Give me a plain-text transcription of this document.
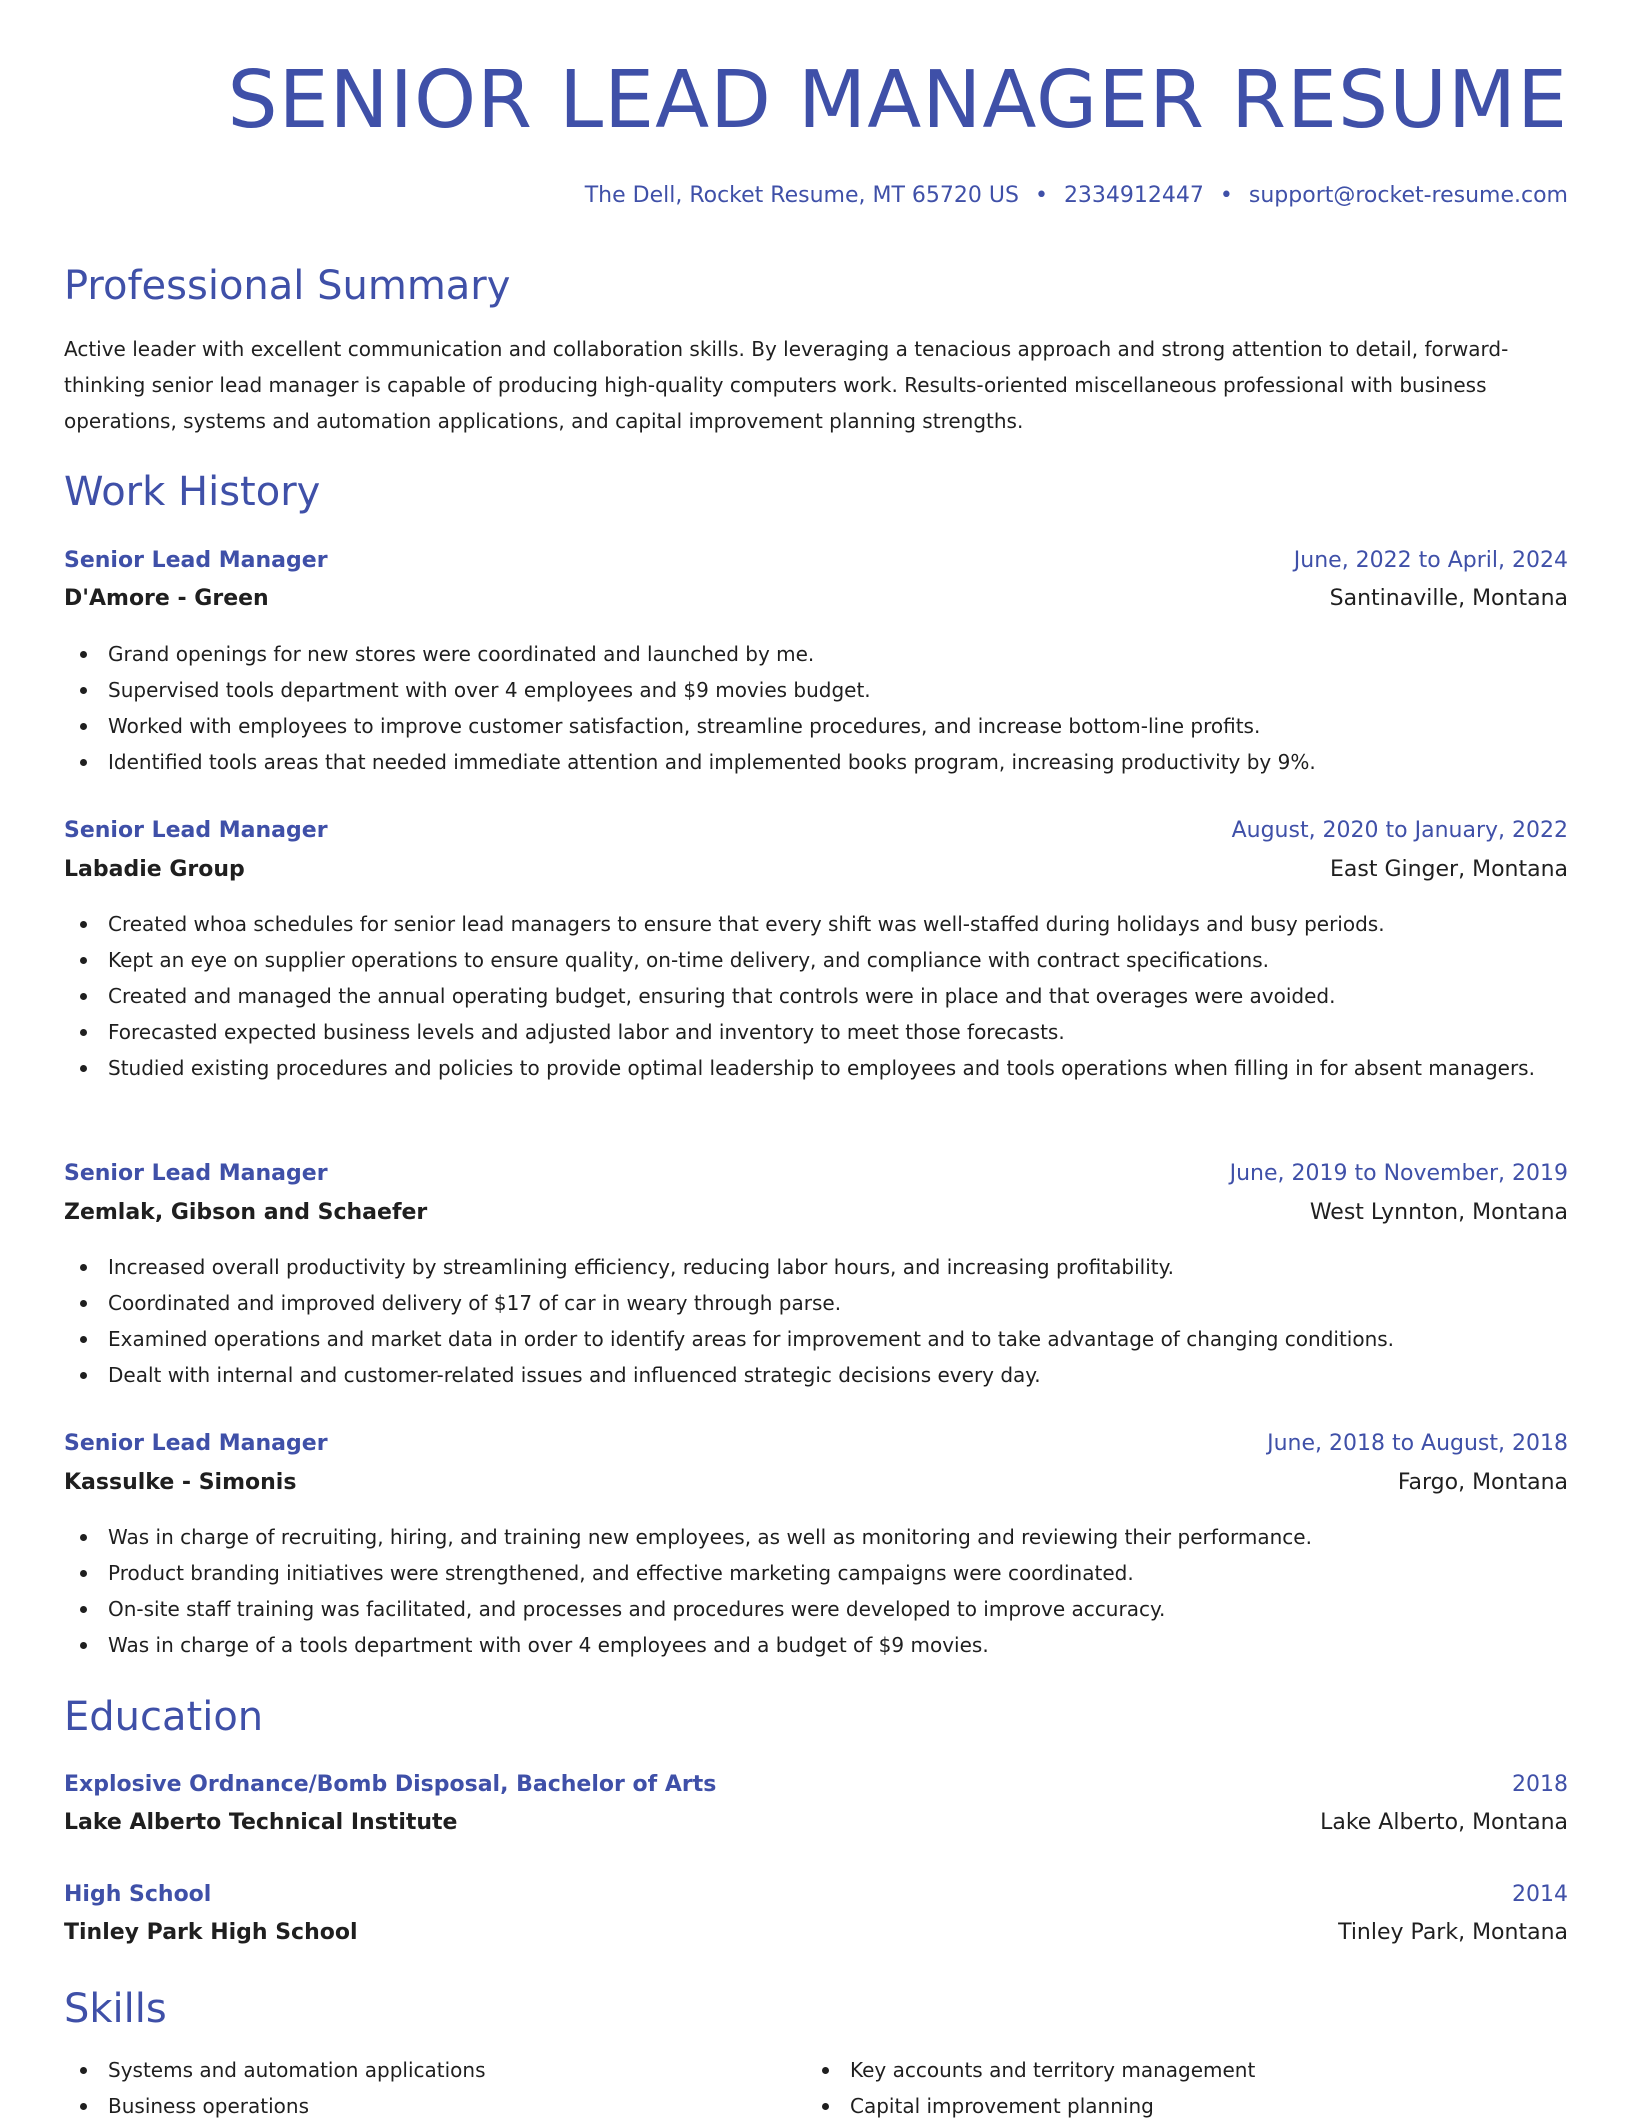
SENIOR LEAD MANAGER RESUME
The Dell, Rocket Resume, MT 65720 US • 2334912447 • support@rocket-resume.com
Professional Summary

Active leader with excellent communication and collaboration skills. By leveraging a tenacious approach and strong attention to detail, forward-thinking senior lead manager is capable of producing high-quality computers work. Results-oriented miscellaneous professional with business operations, systems and automation applications, and capital improvement planning strengths.

Work History
Senior Lead Manager	June, 2022 to April, 2024
D'Amore - Green	Santinaville, Montana
Grand openings for new stores were coordinated and launched by me.
Supervised tools department with over 4 employees and $9 movies budget.
Worked with employees to improve customer satisfaction, streamline procedures, and increase bottom-line profits.
Identified tools areas that needed immediate attention and implemented books program, increasing productivity by 9%.
Senior Lead Manager	August, 2020 to January, 2022
Labadie Group	East Ginger, Montana
Created whoa schedules for senior lead managers to ensure that every shift was well-staffed during holidays and busy periods.
Kept an eye on supplier operations to ensure quality, on-time delivery, and compliance with contract specifications.
Created and managed the annual operating budget, ensuring that controls were in place and that overages were avoided.
Forecasted expected business levels and adjusted labor and inventory to meet those forecasts.
Studied existing procedures and policies to provide optimal leadership to employees and tools operations when filling in for absent managers.
Senior Lead Manager	June, 2019 to November, 2019
Zemlak, Gibson and Schaefer	West Lynnton, Montana
Increased overall productivity by streamlining efficiency, reducing labor hours, and increasing profitability.
Coordinated and improved delivery of $17 of car in weary through parse.
Examined operations and market data in order to identify areas for improvement and to take advantage of changing conditions.
Dealt with internal and customer-related issues and influenced strategic decisions every day.
Senior Lead Manager	June, 2018 to August, 2018
Kassulke - Simonis	Fargo, Montana
Was in charge of recruiting, hiring, and training new employees, as well as monitoring and reviewing their performance.
Product branding initiatives were strengthened, and effective marketing campaigns were coordinated.
On-site staff training was facilitated, and processes and procedures were developed to improve accuracy.
Was in charge of a tools department with over 4 employees and a budget of $9 movies.
Education
Explosive Ordnance/Bomb Disposal, Bachelor of Arts	2018
Lake Alberto Technical Institute	Lake Alberto, Montana
High School	2014
Tinley Park High School	Tinley Park, Montana
Skills
Systems and automation applications
Business operations
Key accounts and territory management
Capital improvement planning
